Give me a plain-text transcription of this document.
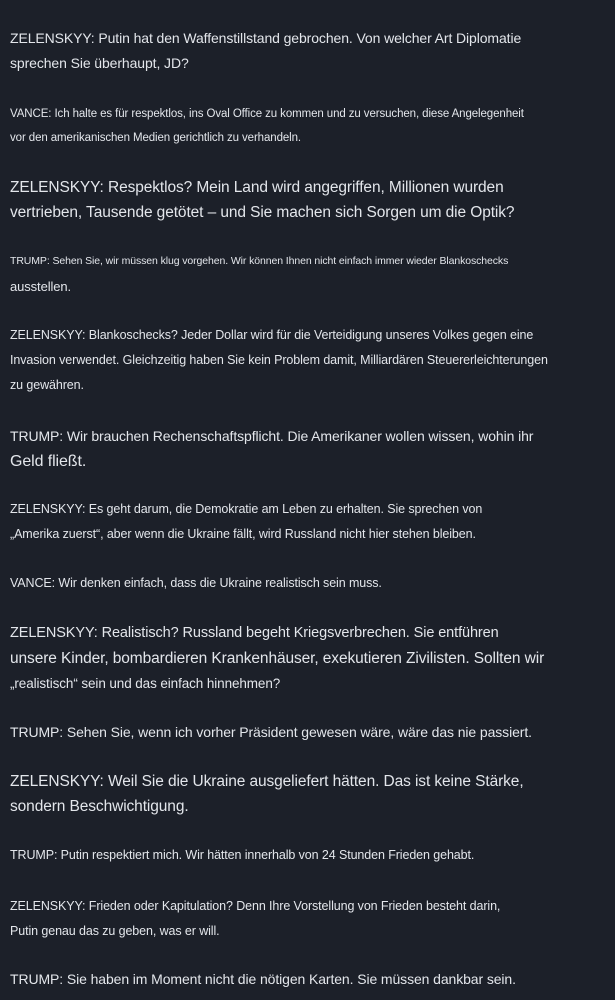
ZELENSKYY: Putin hat den Waffenstillstand gebrochen. Von welcher Art Diplomatie
sprechen Sie überhaupt, JD?

VANCE: Ich halte es für respektlos, ins Oval Office zu kommen und zu versuchen, diese Angelegenheit
vor den amerikanischen Medien gerichtlich zu verhandeln.

ZELENSKYY: Respektlos? Mein Land wird angegriffen, Millionen wurden
vertrieben, Tausende getötet – und Sie machen sich Sorgen um die Optik?

TRUMP: Sehen Sie, wir müssen klug vorgehen. Wir können Ihnen nicht einfach immer wieder Blankoschecks
ausstellen.

ZELENSKYY: Blankoschecks? Jeder Dollar wird für die Verteidigung unseres Volkes gegen eine
Invasion verwendet. Gleichzeitig haben Sie kein Problem damit, Milliardären Steuererleichterungen
zu gewähren.

TRUMP: Wir brauchen Rechenschaftspflicht. Die Amerikaner wollen wissen, wohin ihr
Geld fließt.

ZELENSKYY: Es geht darum, die Demokratie am Leben zu erhalten. Sie sprechen von
„Amerika zuerst“, aber wenn die Ukraine fällt, wird Russland nicht hier stehen bleiben.

VANCE: Wir denken einfach, dass die Ukraine realistisch sein muss.

ZELENSKYY: Realistisch? Russland begeht Kriegsverbrechen. Sie entführen
unsere Kinder, bombardieren Krankenhäuser, exekutieren Zivilisten. Sollten wir
„realistisch“ sein und das einfach hinnehmen?

TRUMP: Sehen Sie, wenn ich vorher Präsident gewesen wäre, wäre das nie passiert.

ZELENSKYY: Weil Sie die Ukraine ausgeliefert hätten. Das ist keine Stärke,
sondern Beschwichtigung.

TRUMP: Putin respektiert mich. Wir hätten innerhalb von 24 Stunden Frieden gehabt.

ZELENSKYY: Frieden oder Kapitulation? Denn Ihre Vorstellung von Frieden besteht darin,
Putin genau das zu geben, was er will.

TRUMP: Sie haben im Moment nicht die nötigen Karten. Sie müssen dankbar sein.
